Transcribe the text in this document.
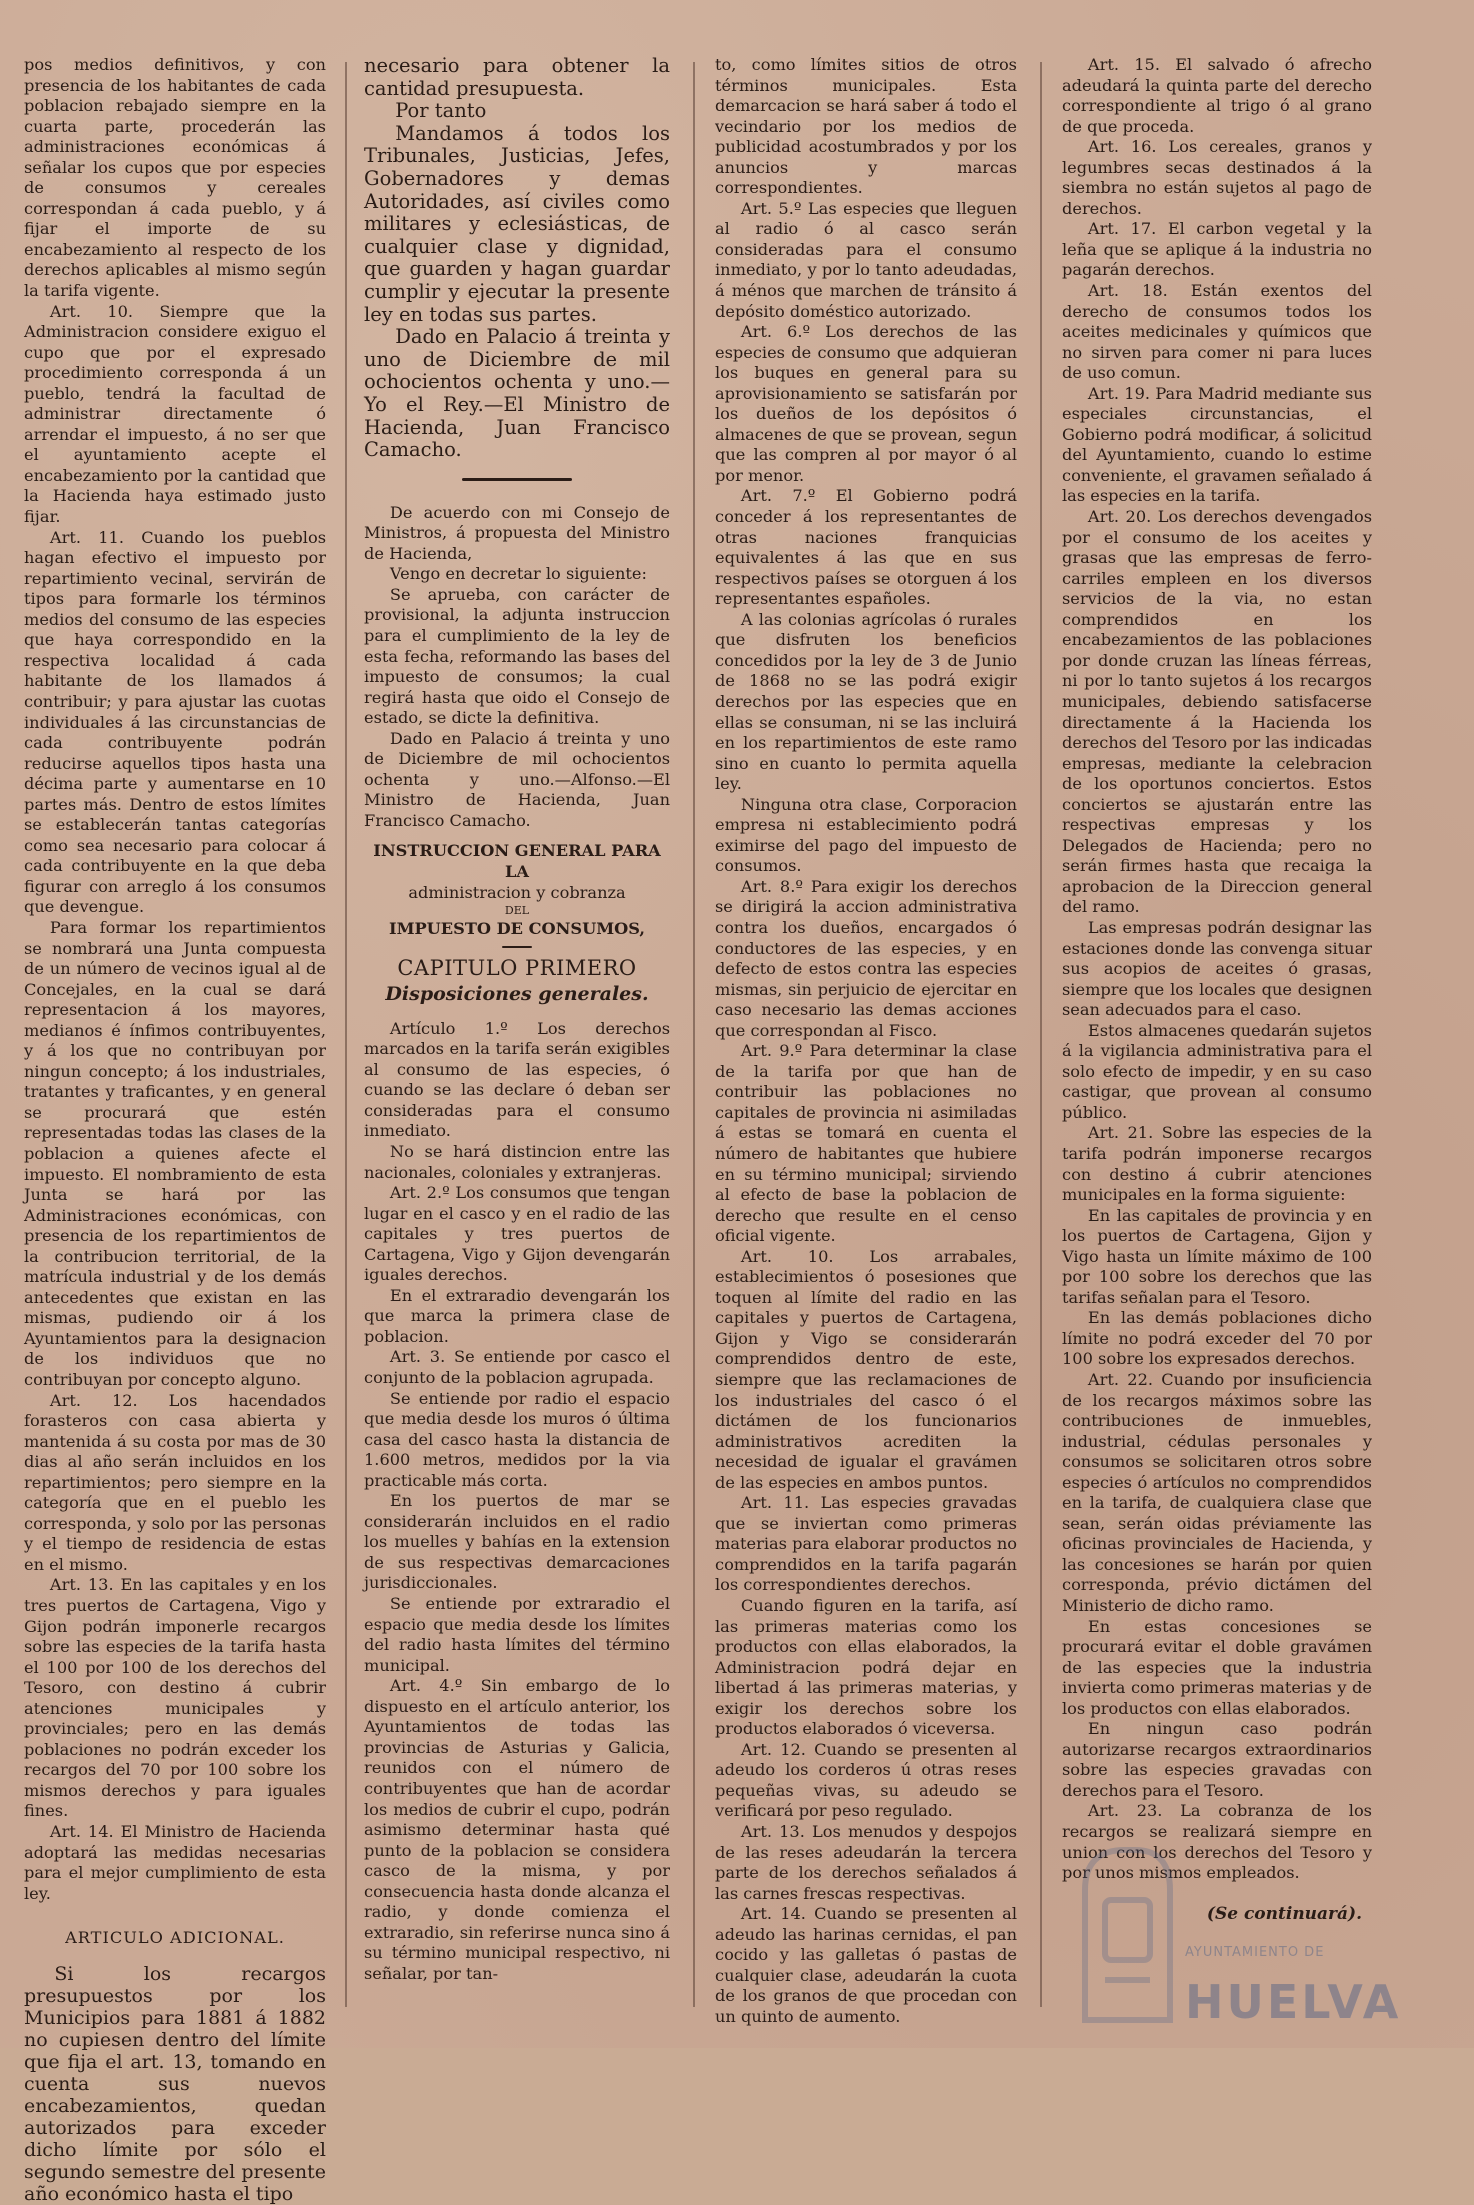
pos medios definitivos, y con presencia de los habitantes de cada poblacion rebajado siempre en la cuarta parte, procederán las administraciones económicas á señalar los cupos que por especies de consumos y cereales correspondan á cada pueblo, y á fijar el importe de su encabezamiento al respecto de los derechos aplicables al mismo según la tarifa vigente.

Art. 10. Siempre que la Administracion considere exiguo el cupo que por el expresado procedimiento corresponda á un pueblo, tendrá la facultad de administrar directamente ó arrendar el impuesto, á no ser que el ayuntamiento acepte el encabezamiento por la cantidad que la Hacienda haya estimado justo fijar.

Art. 11. Cuando los pueblos hagan efectivo el impuesto por repartimiento vecinal, servirán de tipos para formarle los términos medios del consumo de las especies que haya correspondido en la respectiva localidad á cada habitante de los llamados á contribuir; y para ajustar las cuotas individuales á las circunstancias de cada contribuyente podrán reducirse aquellos tipos hasta una décima parte y aumentarse en 10 partes más. Dentro de estos límites se establecerán tantas categorías como sea necesario para colocar á cada contribuyente en la que deba figurar con arreglo á los consumos que devengue.

Para formar los repartimientos se nombrará una Junta compuesta de un número de vecinos igual al de Concejales, en la cual se dará representacion á los mayores, medianos é ínfimos contribuyentes, y á los que no contribuyan por ningun concepto; á los industriales, tratantes y traficantes, y en general se procurará que estén representadas todas las clases de la poblacion a quienes afecte el impuesto. El nombramiento de esta Junta se hará por las Administraciones económicas, con presencia de los repartimientos de la contribucion territorial, de la matrícula industrial y de los demás antecedentes que existan en las mismas, pudiendo oir á los Ayuntamientos para la designacion de los individuos que no contribuyan por concepto alguno.

Art. 12. Los hacendados forasteros con casa abierta y mantenida á su costa por mas de 30 dias al año serán incluidos en los repartimientos; pero siempre en la categoría que en el pueblo les corresponda, y solo por las personas y el tiempo de residencia de estas en el mismo.

Art. 13. En las capitales y en los tres puertos de Cartagena, Vigo y Gijon podrán imponerle recargos sobre las especies de la tarifa hasta el 100 por 100 de los derechos del Tesoro, con destino á cubrir atenciones municipales y provinciales; pero en las demás poblaciones no podrán exceder los recargos del 70 por 100 sobre los mismos derechos y para iguales fines.

Art. 14. El Ministro de Hacienda adoptará las medidas necesarias para el mejor cumplimiento de esta ley.

ARTICULO ADICIONAL.

Si los recargos presupuestos por los Municipios para 1881 á 1882 no cupiesen dentro del límite que fija el art. 13, tomando en cuenta sus nuevos encabezamientos, quedan autorizados para exceder dicho límite por sólo el segundo semestre del presente año económico hasta el tipo

necesario para obtener la cantidad presupuesta.

Por tanto

Mandamos á todos los Tribunales, Justicias, Jefes, Gobernadores y demas Autoridades, así civiles como militares y eclesiásticas, de cualquier clase y dignidad, que guarden y hagan guardar cumplir y ejecutar la presente ley en todas sus partes.

Dado en Palacio á treinta y uno de Diciembre de mil ochocientos ochenta y uno.—Yo el Rey.—El Ministro de Hacienda, Juan Francisco Camacho.

De acuerdo con mi Consejo de Ministros, á propuesta del Ministro de Hacienda,

Vengo en decretar lo siguiente:

Se aprueba, con carácter de provisional, la adjunta instruccion para el cumplimiento de la ley de esta fecha, reformando las bases del impuesto de consumos; la cual regirá hasta que oido el Consejo de estado, se dicte la definitiva.

Dado en Palacio á treinta y uno de Diciembre de mil ochocientos ochenta y uno.—Alfonso.—El Ministro de Hacienda, Juan Francisco Camacho.

INSTRUCCION GENERAL PARA LA

administracion y cobranza

DEL

IMPUESTO DE CONSUMOS,

CAPITULO PRIMERO

Disposiciones generales.

Artículo 1.º Los derechos marcados en la tarifa serán exigibles al consumo de las especies, ó cuando se las declare ó deban ser consideradas para el consumo inmediato.

No se hará distincion entre las nacionales, coloniales y extranjeras.

Art. 2.º Los consumos que tengan lugar en el casco y en el radio de las capitales y tres puertos de Cartagena, Vigo y Gijon devengarán iguales derechos.

En el extraradio devengarán los que marca la primera clase de poblacion.

Art. 3. Se entiende por casco el conjunto de la poblacion agrupada.

Se entiende por radio el espacio que media desde los muros ó última casa del casco hasta la distancia de 1.600 metros, medidos por la via practicable más corta.

En los puertos de mar se considerarán incluidos en el radio los muelles y bahías en la extension de sus respectivas demarcaciones jurisdiccionales.

Se entiende por extraradio el espacio que media desde los límites del radio hasta límites del término municipal.

Art. 4.º Sin embargo de lo dispuesto en el artículo anterior, los Ayuntamientos de todas las provincias de Asturias y Galicia, reunidos con el número de contribuyentes que han de acordar los medios de cubrir el cupo, podrán asimismo determinar hasta qué punto de la poblacion se considera casco de la misma, y por consecuencia hasta donde alcanza el radio, y donde comienza el extraradio, sin referirse nunca sino á su término municipal respectivo, ni señalar, por tan-

to, como límites sitios de otros términos municipales. Esta demarcacion se hará saber á todo el vecindario por los medios de publicidad acostumbrados y por los anuncios y marcas correspondientes.

Art. 5.º Las especies que lleguen al radio ó al casco serán consideradas para el consumo inmediato, y por lo tanto adeudadas, á ménos que marchen de tránsito á depósito doméstico autorizado.

Art. 6.º Los derechos de las especies de consumo que adquieran los buques en general para su aprovisionamiento se satisfarán por los dueños de los depósitos ó almacenes de que se provean, segun que las compren al por mayor ó al por menor.

Art. 7.º El Gobierno podrá conceder á los representantes de otras naciones franquicias equivalentes á las que en sus respectivos países se otorguen á los representantes españoles.

A las colonias agrícolas ó rurales que disfruten los beneficios concedidos por la ley de 3 de Junio de 1868 no se las podrá exigir derechos por las especies que en ellas se consuman, ni se las incluirá en los repartimientos de este ramo sino en cuanto lo permita aquella ley.

Ninguna otra clase, Corporacion empresa ni establecimiento podrá eximirse del pago del impuesto de consumos.

Art. 8.º Para exigir los derechos se dirigirá la accion administrativa contra los dueños, encargados ó conductores de las especies, y en defecto de estos contra las especies mismas, sin perjuicio de ejercitar en caso necesario las demas acciones que correspondan al Fisco.

Art. 9.º Para determinar la clase de la tarifa por que han de contribuir las poblaciones no capitales de provincia ni asimiladas á estas se tomará en cuenta el número de habitantes que hubiere en su término municipal; sirviendo al efecto de base la poblacion de derecho que resulte en el censo oficial vigente.

Art. 10. Los arrabales, establecimientos ó posesiones que toquen al límite del radio en las capitales y puertos de Cartagena, Gijon y Vigo se considerarán comprendidos dentro de este, siempre que las reclamaciones de los industriales del casco ó el dictámen de los funcionarios administrativos acrediten la necesidad de igualar el gravámen de las especies en ambos puntos.

Art. 11. Las especies gravadas que se inviertan como primeras materias para elaborar productos no comprendidos en la tarifa pagarán los correspondientes derechos.

Cuando figuren en la tarifa, así las primeras materias como los productos con ellas elaborados, la Administracion podrá dejar en libertad á las primeras materias, y exigir los derechos sobre los productos elaborados ó viceversa.

Art. 12. Cuando se presenten al adeudo los corderos ú otras reses pequeñas vivas, su adeudo se verificará por peso regulado.

Art. 13. Los menudos y despojos de las reses adeudarán la tercera parte de los derechos señalados á las carnes frescas respectivas.

Art. 14. Cuando se presenten al adeudo las harinas cernidas, el pan cocido y las galletas ó pastas de cualquier clase, adeudarán la cuota de los granos de que procedan con un quinto de aumento.

Art. 15. El salvado ó afrecho adeudará la quinta parte del derecho correspondiente al trigo ó al grano de que proceda.

Art. 16. Los cereales, granos y legumbres secas destinados á la siembra no están sujetos al pago de derechos.

Art. 17. El carbon vegetal y la leña que se aplique á la industria no pagarán derechos.

Art. 18. Están exentos del derecho de consumos todos los aceites medicinales y químicos que no sirven para comer ni para luces de uso comun.

Art. 19. Para Madrid mediante sus especiales circunstancias, el Gobierno podrá modificar, á solicitud del Ayuntamiento, cuando lo estime conveniente, el gravamen señalado á las especies en la tarifa.

Art. 20. Los derechos devengados por el consumo de los aceites y grasas que las empresas de ferro-carriles empleen en los diversos servicios de la via, no estan comprendidos en los encabezamientos de las poblaciones por donde cruzan las líneas férreas, ni por lo tanto sujetos á los recargos municipales, debiendo satisfacerse directamente á la Hacienda los derechos del Tesoro por las indicadas empresas, mediante la celebracion de los oportunos conciertos. Estos conciertos se ajustarán entre las respectivas empresas y los Delegados de Hacienda; pero no serán firmes hasta que recaiga la aprobacion de la Direccion general del ramo.

Las empresas podrán designar las estaciones donde las convenga situar sus acopios de aceites ó grasas, siempre que los locales que designen sean adecuados para el caso.

Estos almacenes quedarán sujetos á la vigilancia administrativa para el solo efecto de impedir, y en su caso castigar, que provean al consumo público.

Art. 21. Sobre las especies de la tarifa podrán imponerse recargos con destino á cubrir atenciones municipales en la forma siguiente:

En las capitales de provincia y en los puertos de Cartagena, Gijon y Vigo hasta un límite máximo de 100 por 100 sobre los derechos que las tarifas señalan para el Tesoro.

En las demás poblaciones dicho límite no podrá exceder del 70 por 100 sobre los expresados derechos.

Art. 22. Cuando por insuficiencia de los recargos máximos sobre las contribuciones de inmuebles, industrial, cédulas personales y consumos se solicitaren otros sobre especies ó artículos no comprendidos en la tarifa, de cualquiera clase que sean, serán oidas préviamente las oficinas provinciales de Hacienda, y las concesiones se harán por quien corresponda, prévio dictámen del Ministerio de dicho ramo.

En estas concesiones se procurará evitar el doble gravámen de las especies que la industria invierta como primeras materias y de los productos con ellas elaborados.

En ningun caso podrán autorizarse recargos extraordinarios sobre las especies gravadas con derechos para el Tesoro.

Art. 23. La cobranza de los recargos se realizará siempre en union con los derechos del Tesoro y por unos mismos empleados.

(Se continuará).

AYUNTAMIENTO DE
HUELVA
